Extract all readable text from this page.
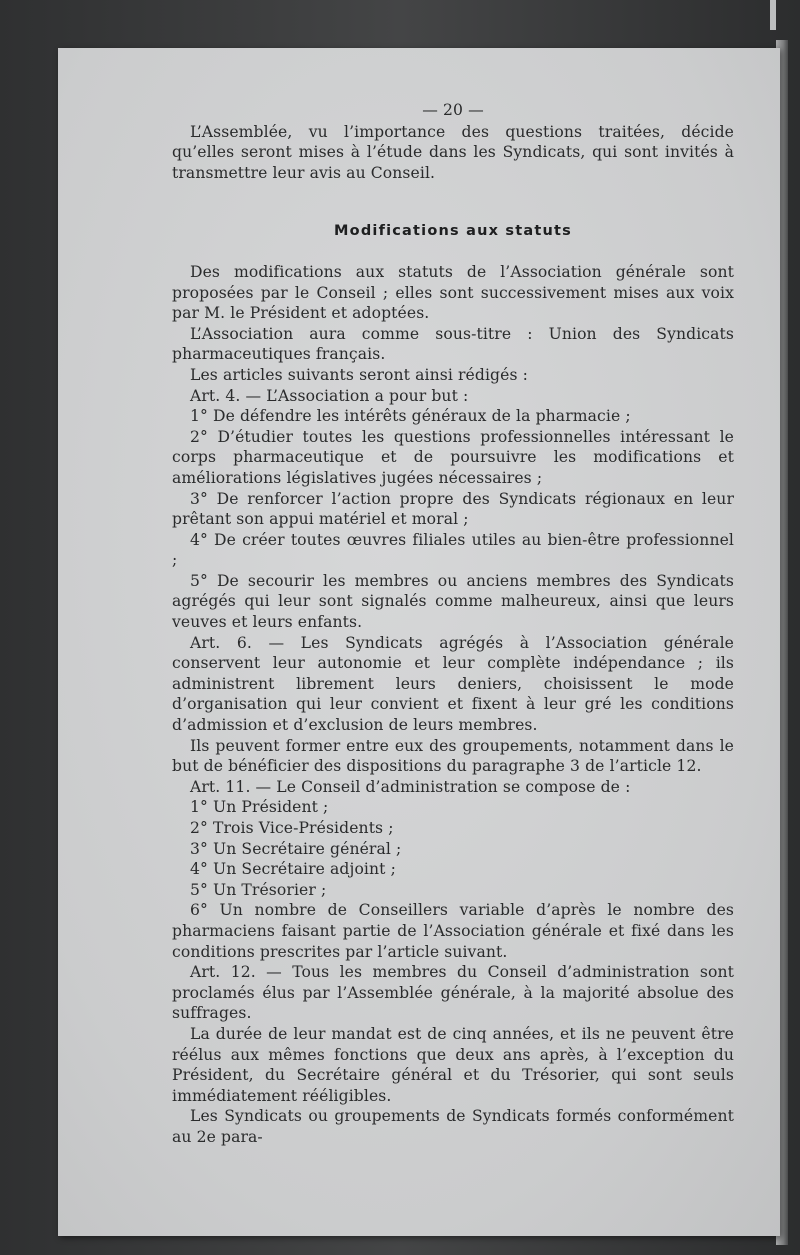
— 20 —

L’Assemblée, vu l’importance des questions traitées, décide qu’elles seront mises à l’étude dans les Syndicats, qui sont invités à transmettre leur avis au Conseil.

Modifications aux statuts

Des modifications aux statuts de l’Association générale sont proposées par le Conseil ; elles sont successivement mises aux voix par M. le Président et adoptées.

L’Association aura comme sous-titre : Union des Syndicats pharmaceutiques français.

Les articles suivants seront ainsi rédigés :

Art. 4. — L’Association a pour but :

1° De défendre les intérêts généraux de la pharmacie ;

2° D’étudier toutes les questions professionnelles intéressant le corps pharmaceutique et de poursuivre les modifications et améliorations législatives jugées nécessaires ;

3° De renforcer l’action propre des Syndicats régionaux en leur prêtant son appui matériel et moral ;

4° De créer toutes œuvres filiales utiles au bien-être professionnel ;

5° De secourir les membres ou anciens membres des Syndicats agrégés qui leur sont signalés comme malheureux, ainsi que leurs veuves et leurs enfants.

Art. 6. — Les Syndicats agrégés à l’Association générale conservent leur autonomie et leur complète indépendance ; ils administrent librement leurs deniers, choisissent le mode d’organisation qui leur convient et fixent à leur gré les conditions d’admission et d’exclusion de leurs membres.

Ils peuvent former entre eux des groupements, notamment dans le but de bénéficier des dispositions du paragraphe 3 de l’article 12.

Art. 11. — Le Conseil d’administration se compose de :

1° Un Président ;

2° Trois Vice-Présidents ;

3° Un Secrétaire général ;

4° Un Secrétaire adjoint ;

5° Un Trésorier ;

6° Un nombre de Conseillers variable d’après le nombre des pharmaciens faisant partie de l’Association générale et fixé dans les conditions prescrites par l’article suivant.

Art. 12. — Tous les membres du Conseil d’administration sont proclamés élus par l’Assemblée générale, à la majorité absolue des suffrages.

La durée de leur mandat est de cinq années, et ils ne peuvent être réélus aux mêmes fonctions que deux ans après, à l’exception du Président, du Secrétaire général et du Trésorier, qui sont seuls immédiatement rééligibles.

Les Syndicats ou groupements de Syndicats formés conformément au 2e para-
